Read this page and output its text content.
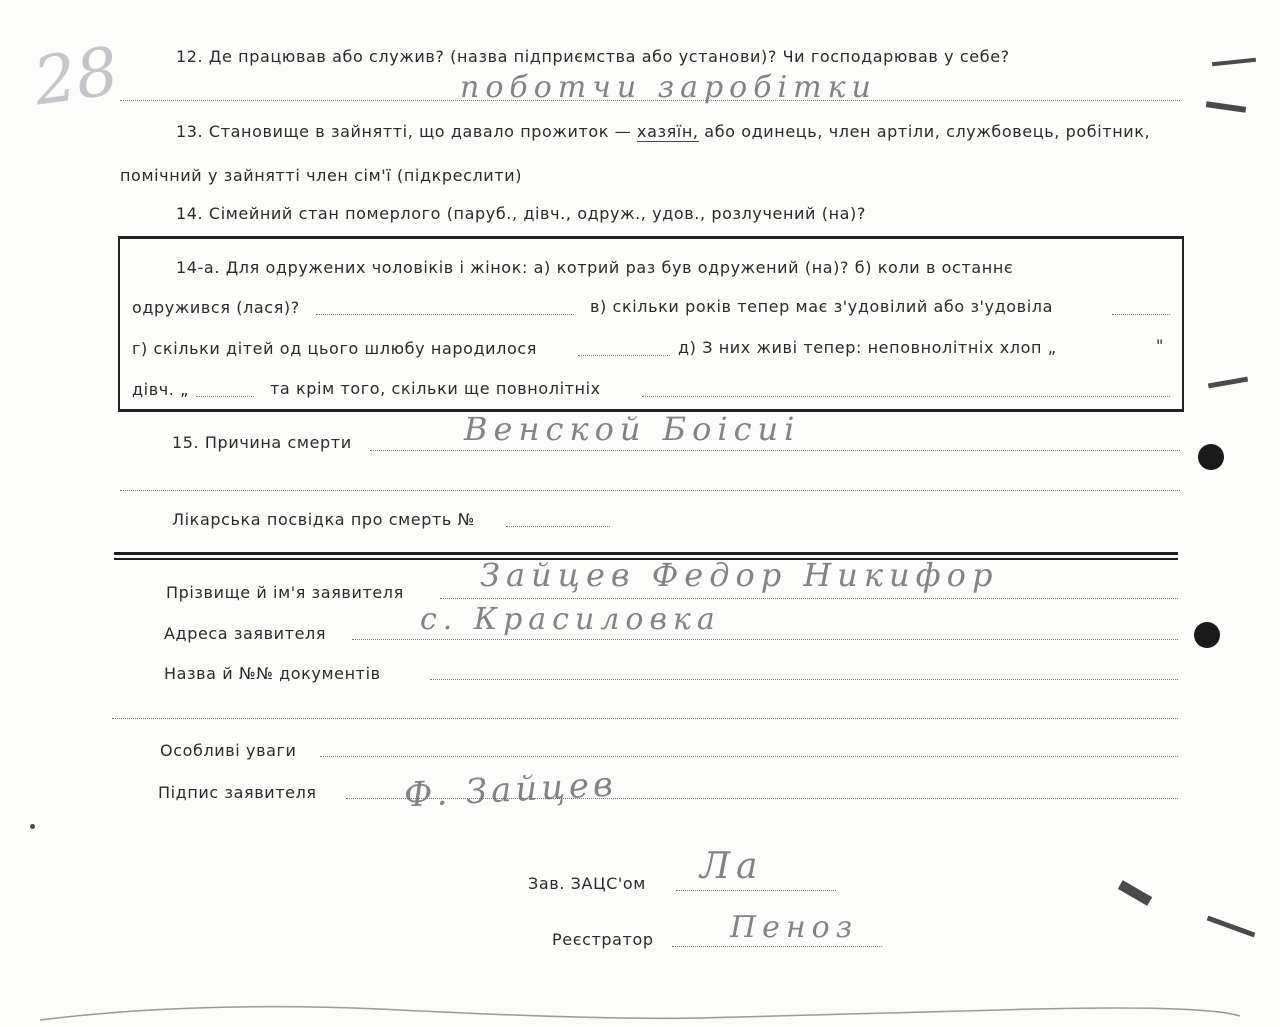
28	12. Де працював або служив? (назва підприємства або установи)? Чи господарював у себе?
поботчи заробітки
13. Становище в зайнятті, що давало прожиток — хазяїн, або одинець, член артіли, службовець, робітник,
помічний у зайнятті член сім'ї (підкреслити)
14. Сімейний стан померлого (паруб., дівч., одруж., удов., розлучений (на)?
14-а. Для одружених чоловіків і жінок: а) котрий раз був одружений (на)? б) коли в останнє
одружився (лася)?	в) скільки років тепер має з'удовілий або з'удовіла
г) скільки дітей од цього шлюбу народилося	д) З них живі тепер: неповнолітніх хлоп „	"
дівч. „	та крім того, скільки ще повнолітніх
15. Причина смерти	Венской Боісиі
Лікарська посвідка про смерть №
Прізвище й ім'я заявителя Зайцев Федор Никифор
Адреса заявителя	с. Красиловка
Назва й №№ документів
Особливі уваги
Підпис заявителя	Ф. Зайцев
Зав. ЗАЦС'ом Ла
Реєстратор	Пеноз
